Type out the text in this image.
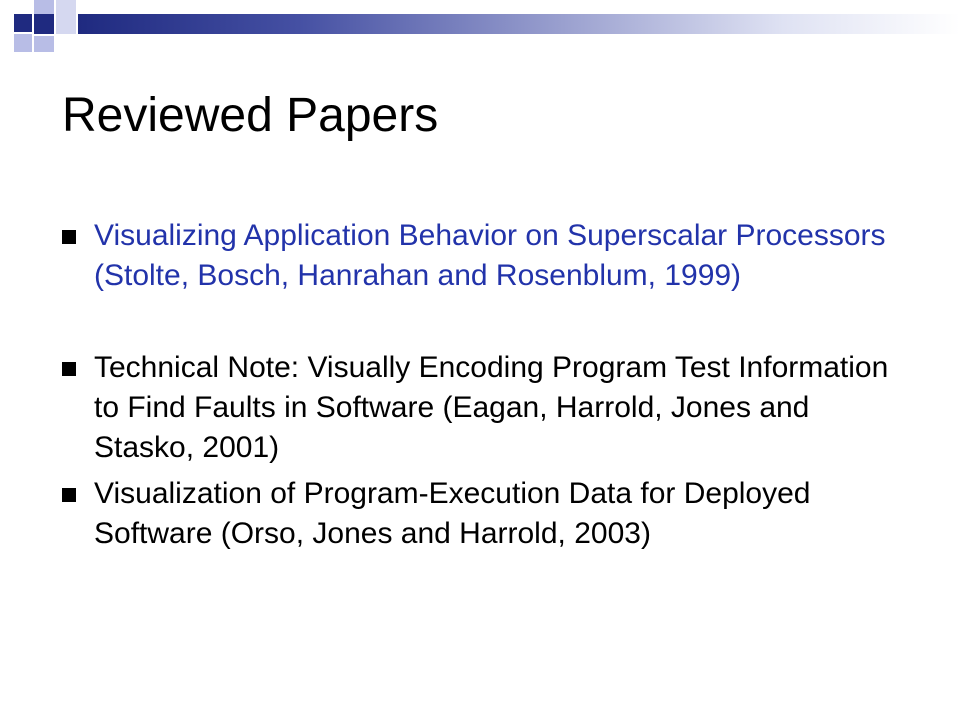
Reviewed Papers

Visualizing Application Behavior on Superscalar Processors (Stolte, Bosch, Hanrahan and Rosenblum, 1999)

Technical Note: Visually Encoding Program Test Information to Find Faults in Software (Eagan, Harrold, Jones and Stasko, 2001)

Visualization of Program-Execution Data for Deployed Software (Orso, Jones and Harrold, 2003)
